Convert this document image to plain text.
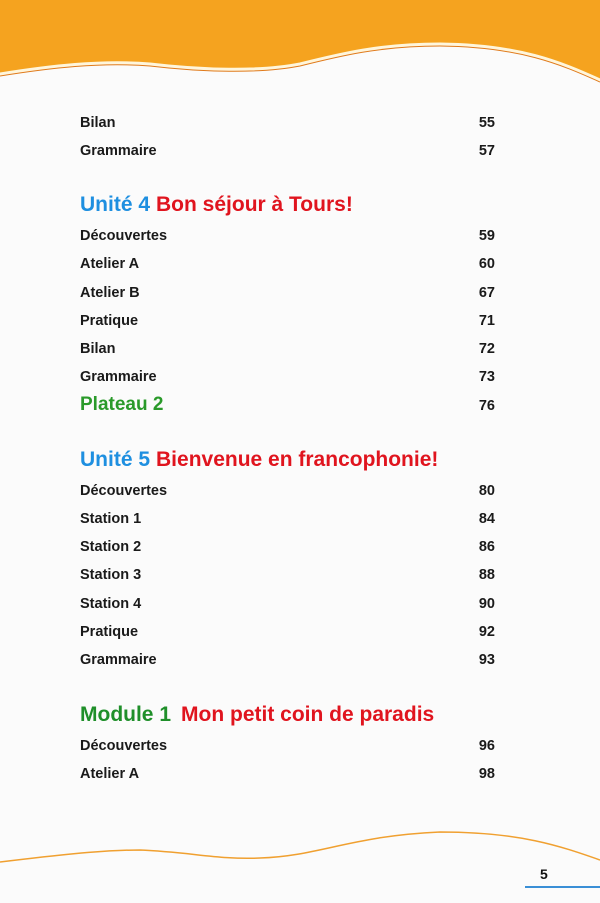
Bilan	55
Grammaire	57
Unité 4 Bon séjour à Tours!
Découvertes	59
Atelier A	60
Atelier B	67
Pratique	71
Bilan	72
Grammaire	73
Plateau 2	76
Unité 5 Bienvenue en francophonie!
Découvertes	80
Station 1	84
Station 2	86
Station 3	88
Station 4	90
Pratique	92
Grammaire	93
Module 1 Mon petit coin de paradis
Découvertes	96
Atelier A	98
5
